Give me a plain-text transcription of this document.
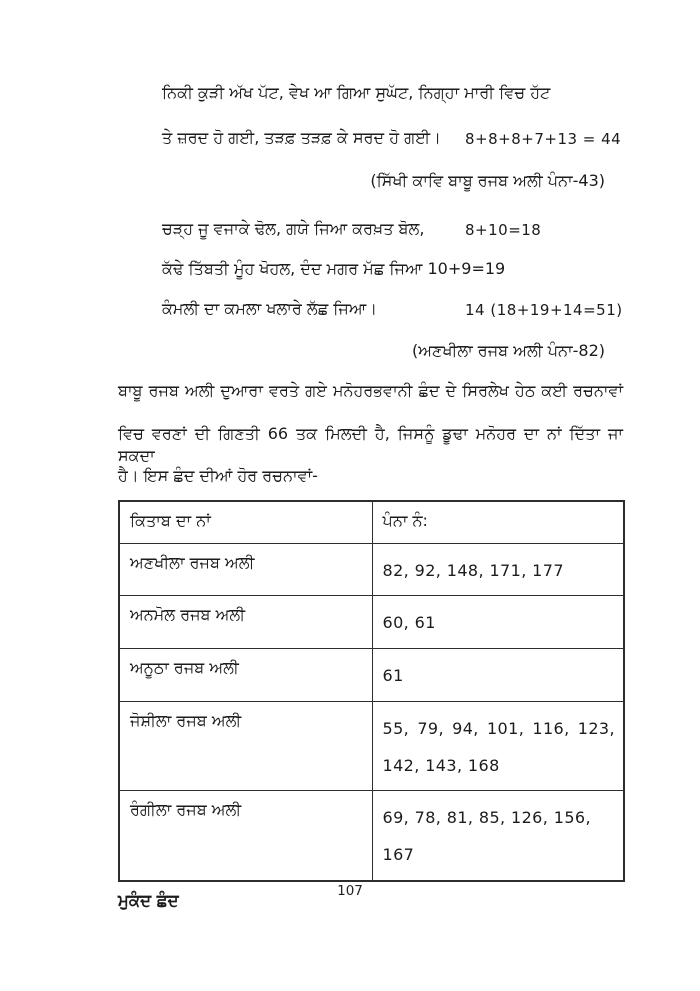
ਨਿਕੀ ਕੁੜੀ ਅੱਖ ਪੱਟ, ਵੇਖ ਆ ਗਿਆ ਸੁਘੱਟ, ਨਿਗ੍ਹਾ ਮਾਰੀ ਵਿਚ ਹੱਟ
ਤੇ ਜ਼ਰਦ ਹੋ ਗਈ, ਤੜਫ਼ ਤੜਫ਼ ਕੇ ਸਰਦ ਹੋ ਗਈ। 8+8+8+7+13 = 44
(ਸਿੱਖੀ ਕਾਵਿ ਬਾਬੂ ਰਜਬ ਅਲੀ ਪੰਨਾ-43)
ਚੜ੍ਹ ਜੂ ਵਜਾਕੇ ਢੋਲ, ਗਯੇ ਜਿਆ ਕਰਖ਼ਤ ਬੋਲ,	8+10=18
ਕੱਢੇ ਤਿੱਬਤੀ ਮੂੰਹ ਖੋਹਲ, ਦੰਦ ਮਗਰ ਮੱਛ ਜਿਆ 10+9=19
ਕੰਮਲੀ ਦਾ ਕਮਲਾ ਖਲਾਰੇ ਲੱਛ ਜਿਆ।	14 (18+19+14=51)
(ਅਣਖੀਲਾ ਰਜਬ ਅਲੀ ਪੰਨਾ-82)

ਬਾਬੂ ਰਜਬ ਅਲੀ ਦੁਆਰਾ ਵਰਤੇ ਗਏ ਮਨੋਹਰਭਵਾਨੀ ਛੰਦ ਦੇ ਸਿਰਲੇਖ ਹੇਠ ਕਈ ਰਚਨਾਵਾਂ

ਵਿਚ ਵਰਣਾਂ ਦੀ ਗਿਣਤੀ 66 ਤਕ ਮਿਲਦੀ ਹੈ, ਜਿਸਨੂੰ ਡੂਢਾ ਮਨੋਹਰ ਦਾ ਨਾਂ ਦਿੱਤਾ ਜਾ ਸਕਦਾ

ਹੈ। ਇਸ ਛੰਦ ਦੀਆਂ ਹੋਰ ਰਚਨਾਵਾਂ-

ਕਿਤਾਬ ਦਾ ਨਾਂ	ਪੰਨਾ ਨੰ:
ਅਣਖੀਲਾ ਰਜਬ ਅਲੀ	82, 92, 148, 171, 177
ਅਨਮੋਲ ਰਜਬ ਅਲੀ	60, 61
ਅਨੂਠਾ ਰਜਬ ਅਲੀ	61
ਜੋਸ਼ੀਲਾ ਰਜਬ ਅਲੀ	55, 79, 94, 101, 116, 123, 142, 143, 168
ਰੰਗੀਲਾ ਰਜਬ ਅਲੀ	69, 78, 81, 85, 126, 156, 167
ਮੁਕੰਦ ਛੰਦ
107
